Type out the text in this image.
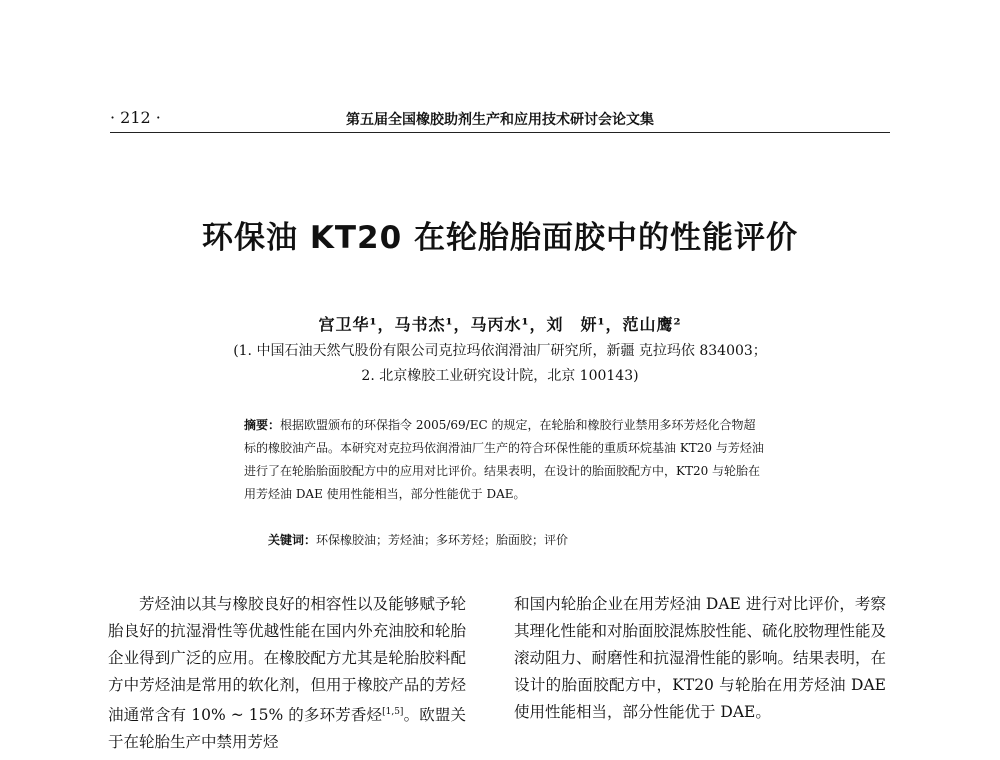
· 212 ·	第五届全国橡胶助剂生产和应用技术研讨会论文集
环保油 KT20 在轮胎胎面胶中的性能评价
宫卫华¹，马书杰¹，马丙水¹，刘　妍¹，范山鹰²
(1. 中国石油天然气股份有限公司克拉玛依润滑油厂研究所，新疆 克拉玛依 834003；
2. 北京橡胶工业研究设计院，北京 100143)
摘要：根据欧盟颁布的环保指令 2005/69/EC 的规定，在轮胎和橡胶行业禁用多环芳烃化合物超标的橡胶油产品。本研究对克拉玛依润滑油厂生产的符合环保性能的重质环烷基油 KT20 与芳烃油进行了在轮胎胎面胶配方中的应用对比评价。结果表明，在设计的胎面胶配方中，KT20 与轮胎在用芳烃油 DAE 使用性能相当，部分性能优于 DAE。
关键词：环保橡胶油；芳烃油；多环芳烃；胎面胶；评价
芳烃油以其与橡胶良好的相容性以及能够赋予轮胎良好的抗湿滑性等优越性能在国内外充油胶和轮胎企业得到广泛的应用。在橡胶配方尤其是轮胎胶料配方中芳烃油是常用的软化剂，但用于橡胶产品的芳烃油通常含有 10% ~ 15% 的多环芳香烃[1,5]。欧盟关于在轮胎生产中禁用芳烃
和国内轮胎企业在用芳烃油 DAE 进行对比评价，考察其理化性能和对胎面胶混炼胶性能、硫化胶物理性能及滚动阻力、耐磨性和抗湿滑性能的影响。结果表明，在设计的胎面胶配方中，KT20 与轮胎在用芳烃油 DAE 使用性能相当，部分性能优于 DAE。
